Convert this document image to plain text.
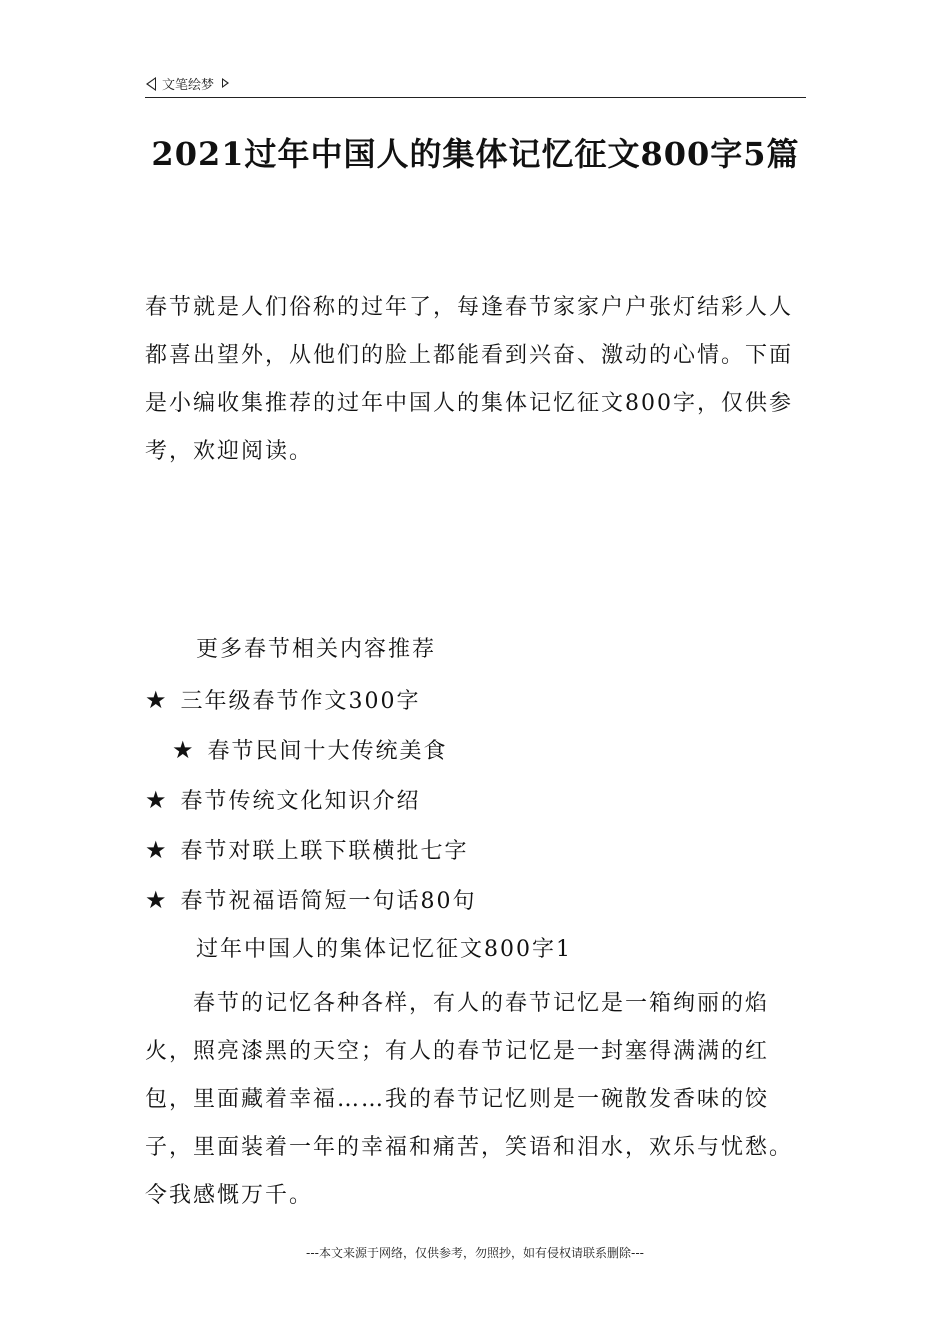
文笔绘梦
2021过年中国人的集体记忆征文800字5篇
春节就是人们俗称的过年了，每逢春节家家户户张灯结彩人人都喜出望外，从他们的脸上都能看到兴奋、激动的心情。下面是小编收集推荐的过年中国人的集体记忆征文800字，仅供参考，欢迎阅读。
更多春节相关内容推荐
★ 三年级春节作文300字
★ 春节民间十大传统美食
★ 春节传统文化知识介绍
★ 春节对联上联下联横批七字
★ 春节祝福语简短一句话80句
过年中国人的集体记忆征文800字1
　　春节的记忆各种各样，有人的春节记忆是一箱绚丽的焰火，照亮漆黑的天空；有人的春节记忆是一封塞得满满的红包，里面藏着幸福……我的春节记忆则是一碗散发香味的饺子，里面装着一年的幸福和痛苦，笑语和泪水，欢乐与忧愁。令我感慨万千。
---本文来源于网络，仅供参考，勿照抄，如有侵权请联系删除---
